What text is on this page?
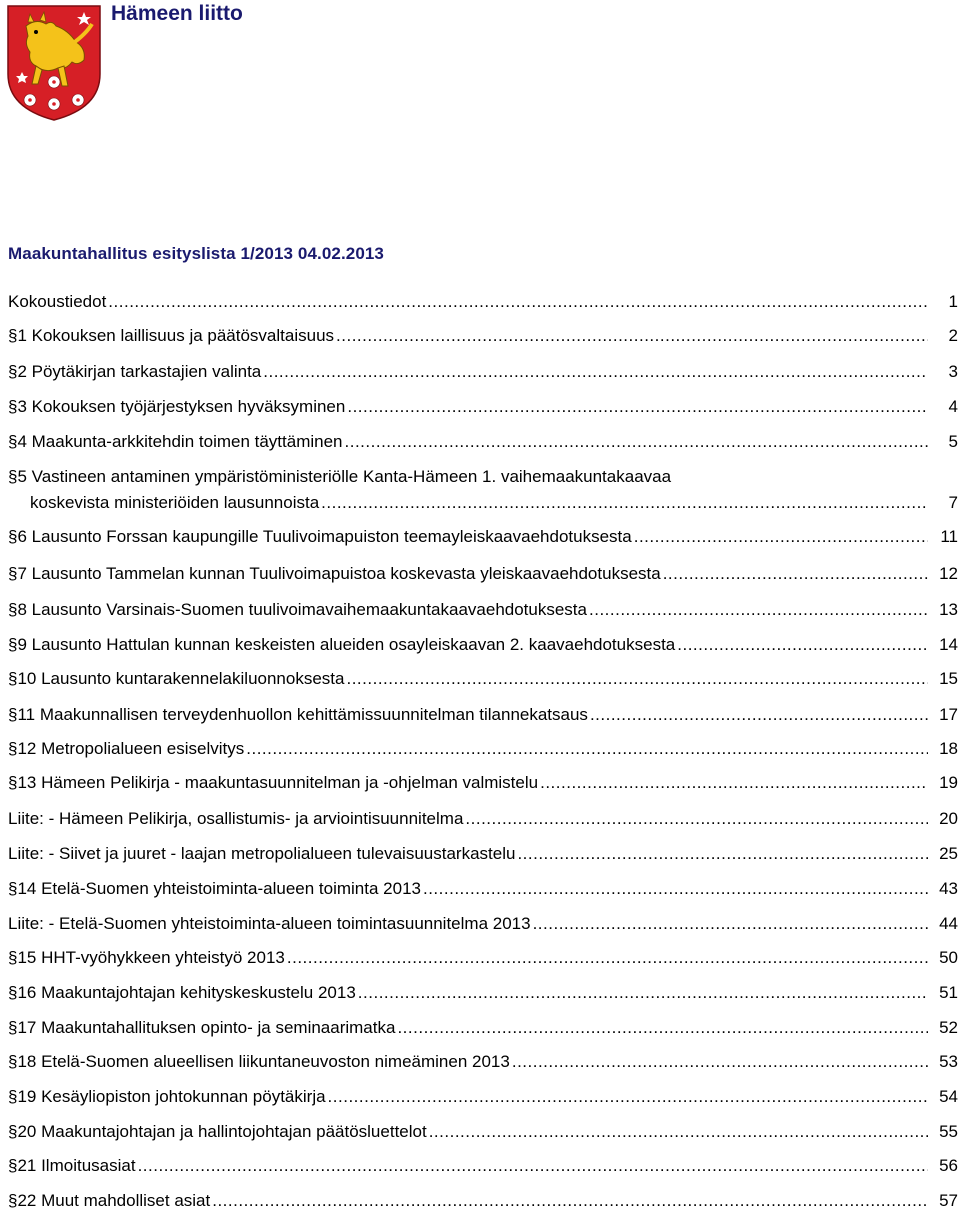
Hämeen liitto
Maakuntahallitus esityslista 1/2013 04.02.2013
Kokoustiedot .....	1
§1 Kokouksen laillisuus ja päätösvaltaisuus .....	2
§2 Pöytäkirjan tarkastajien valinta .....	3
§3 Kokouksen työjärjestyksen hyväksyminen .....	4
§4 Maakunta-arkkitehdin toimen täyttäminen .....	5
§5 Vastineen antaminen ympäristöministeriölle Kanta-Hämeen 1. vaihemaakuntakaavaa
koskevista ministeriöiden lausunnoista .....	7
§6 Lausunto Forssan kaupungille Tuulivoimapuiston teemayleiskaavaehdotuksesta .....	11
§7 Lausunto Tammelan kunnan Tuulivoimapuistoa koskevasta yleiskaavaehdotuksesta .....	12
§8 Lausunto Varsinais-Suomen tuulivoimavaihemaakuntakaavaehdotuksesta .....	13
§9 Lausunto Hattulan kunnan keskeisten alueiden osayleiskaavan 2. kaavaehdotuksesta .....	14
§10 Lausunto kuntarakennelakiluonnoksesta .....	15
§11 Maakunnallisen terveydenhuollon kehittämissuunnitelman tilannekatsaus .....	17
§12 Metropolialueen esiselvitys .....	18
§13 Hämeen Pelikirja - maakuntasuunnitelman ja -ohjelman valmistelu .....	19
Liite: - Hämeen Pelikirja, osallistumis- ja arviointisuunnitelma .....	20
Liite: - Siivet ja juuret - laajan metropolialueen tulevaisuustarkastelu .....	25
§14 Etelä-Suomen yhteistoiminta-alueen toiminta 2013 .....	43
Liite: - Etelä-Suomen yhteistoiminta-alueen toimintasuunnitelma 2013 .....	44
§15 HHT-vyöhykkeen yhteistyö 2013 .....	50
§16 Maakuntajohtajan kehityskeskustelu 2013 .....	51
§17 Maakuntahallituksen opinto- ja seminaarimatka .....	52
§18 Etelä-Suomen alueellisen liikuntaneuvoston nimeäminen 2013 .....	53
§19 Kesäyliopiston johtokunnan pöytäkirja .....	54
§20 Maakuntajohtajan ja hallintojohtajan päätösluettelot .....	55
§21 Ilmoitusasiat .....	56
§22 Muut mahdolliset asiat .....	57
